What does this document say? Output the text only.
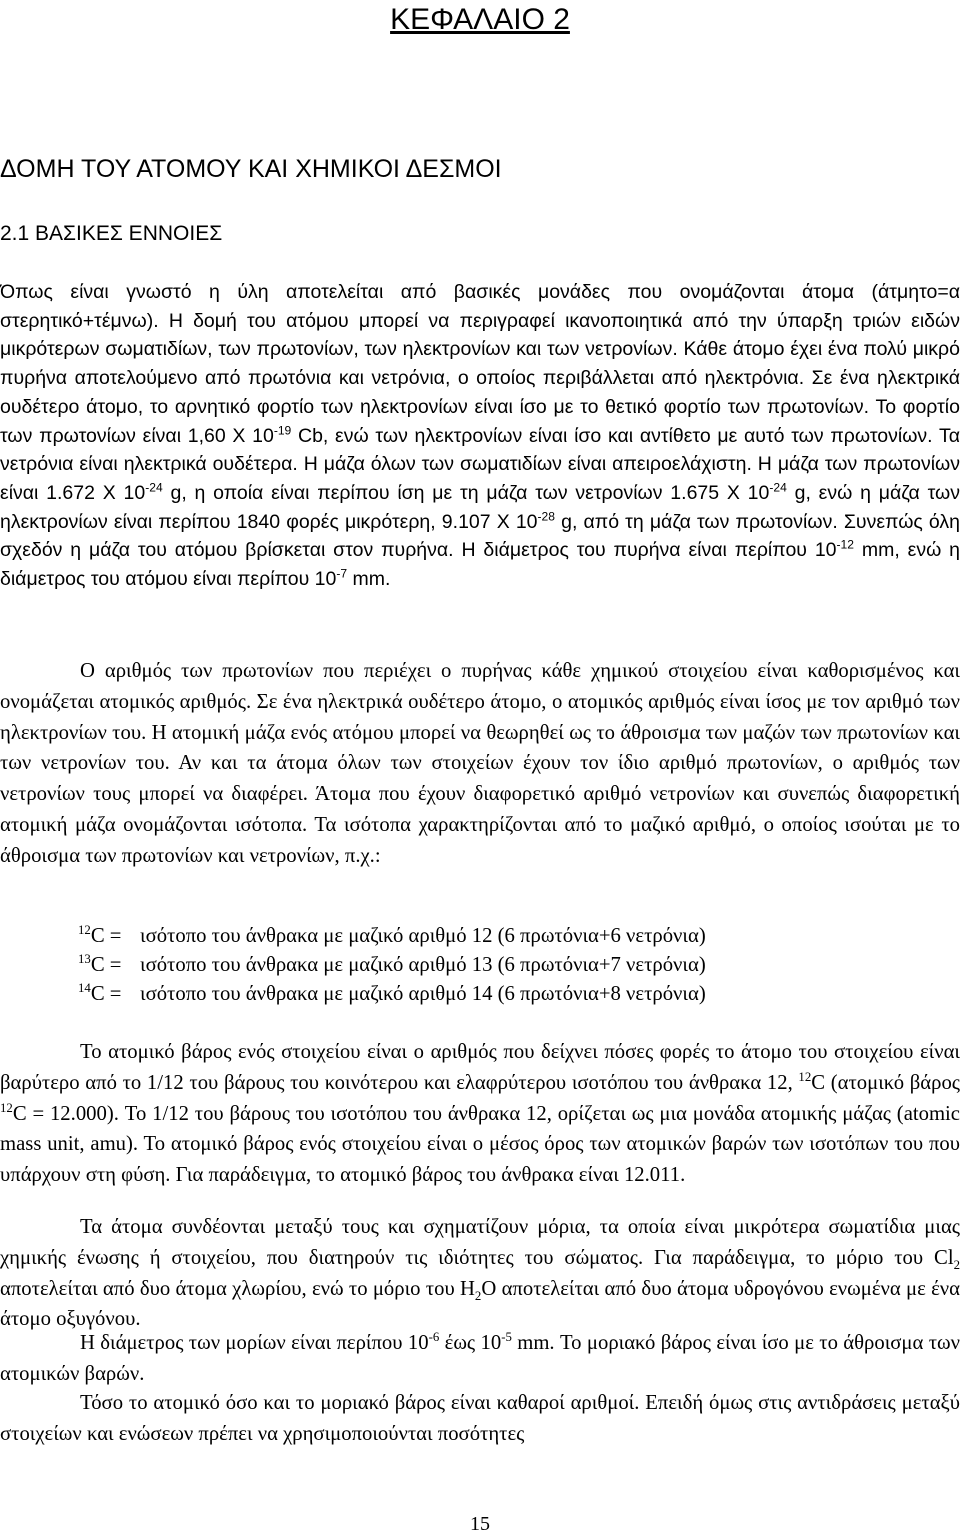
ΚΕΦΑΛΑΙΟ 2
ΔΟΜΗ ΤΟΥ ΑΤΟΜΟΥ ΚΑΙ ΧΗΜΙΚΟΙ ΔΕΣΜΟΙ
2.1 ΒΑΣΙΚΕΣ ΕΝΝΟΙΕΣ
Όπως είναι γνωστό η ύλη αποτελείται από βασικές μονάδες που ονομάζονται άτομα (άτμητο=α στερητικό+τέμνω). Η δομή του ατόμου μπορεί να περιγραφεί ικανοποιητικά από την ύπαρξη τριών ειδών μικρότερων σωματιδίων, των πρωτονίων, των ηλεκτρονίων και των νετρονίων. Κάθε άτομο έχει ένα πολύ μικρό πυρήνα αποτελούμενο από πρωτόνια και νετρόνια, ο οποίος περιβάλλεται από ηλεκτρόνια. Σε ένα ηλεκτρικά ουδέτερο άτομο, το αρνητικό φορτίο των ηλεκτρονίων είναι ίσο με το θετικό φορτίο των πρωτονίων. Το φορτίο των πρωτονίων είναι 1,60 Χ $10^{-19}$ Cb, ενώ των ηλεκτρονίων είναι ίσο και αντίθετο με αυτό των πρωτονίων. Τα νετρόνια είναι ηλεκτρικά ουδέτερα. Η μάζα όλων των σωματιδίων είναι απειροελάχιστη. Η μάζα των πρωτονίων είναι 1.672 Χ $10^{-24}$ g, η οποία είναι περίπου ίση με τη μάζα των νετρονίων 1.675 Χ $10^{-24}$ g, ενώ η μάζα των ηλεκτρονίων είναι περίπου 1840 φορές μικρότερη, 9.107 Χ $10^{-28}$ g, από τη μάζα των πρωτονίων. Συνεπώς όλη σχεδόν η μάζα του ατόμου βρίσκεται στον πυρήνα. Η διάμετρος του πυρήνα είναι περίπου $10^{-12}$ mm, ενώ η διάμετρος του ατόμου είναι περίπου $10^{-7}$ mm.
Ο αριθμός των πρωτονίων που περιέχει ο πυρήνας κάθε χημικού στοιχείου είναι καθορισμένος και ονομάζεται ατομικός αριθμός. Σε ένα ηλεκτρικά ουδέτερο άτομο, ο ατομικός αριθμός είναι ίσος με τον αριθμό των ηλεκτρονίων του. Η ατομική μάζα ενός ατόμου μπορεί να θεωρηθεί ως το άθροισμα των μαζών των πρωτονίων και των νετρονίων του. Αν και τα άτομα όλων των στοιχείων έχουν τον ίδιο αριθμό πρωτονίων, ο αριθμός των νετρονίων τους μπορεί να διαφέρει. Άτομα που έχουν διαφορετικό αριθμό νετρονίων και συνεπώς διαφορετική ατομική μάζα ονομάζονται ισότοπα. Τα ισότοπα χαρακτηρίζονται από το μαζικό αριθμό, ο οποίος ισούται με το άθροισμα των πρωτονίων και νετρονίων, π.χ.:
$^{12}$C = ισότοπο του άνθρακα με μαζικό αριθμό 12 (6 πρωτόνια+6 νετρόνια)
$^{13}$C = ισότοπο του άνθρακα με μαζικό αριθμό 13 (6 πρωτόνια+7 νετρόνια)
$^{14}$C = ισότοπο του άνθρακα με μαζικό αριθμό 14 (6 πρωτόνια+8 νετρόνια)
Το ατομικό βάρος ενός στοιχείου είναι ο αριθμός που δείχνει πόσες φορές το άτομο του στοιχείου είναι βαρύτερο από το 1/12 του βάρους του κοινότερου και ελαφρύτερου ισοτόπου του άνθρακα 12, $^{12}$C (ατομικό βάρος $^{12}$C = 12.000). Το 1/12 του βάρους του ισοτόπου του άνθρακα 12, ορίζεται ως μια μονάδα ατομικής μάζας (atomic mass unit, amu). Το ατομικό βάρος ενός στοιχείου είναι ο μέσος όρος των ατομικών βαρών των ισοτόπων του που υπάρχουν στη φύση. Για παράδειγμα, το ατομικό βάρος του άνθρακα είναι 12.011.
Τα άτομα συνδέονται μεταξύ τους και σχηματίζουν μόρια, τα οποία είναι μικρότερα σωματίδια μιας χημικής ένωσης ή στοιχείου, που διατηρούν τις ιδιότητες του σώματος. Για παράδειγμα, το μόριο του $Cl_2$ αποτελείται από δυο άτομα χλωρίου, ενώ το μόριο του $H_2O$ αποτελείται από δυο άτομα υδρογόνου ενωμένα με ένα άτομο οξυγόνου.
Η διάμετρος των μορίων είναι περίπου $10^{-6}$ έως $10^{-5}$ mm. Το μοριακό βάρος είναι ίσο με το άθροισμα των ατομικών βαρών.
Τόσο το ατομικό όσο και το μοριακό βάρος είναι καθαροί αριθμοί. Επειδή όμως στις αντιδράσεις μεταξύ στοιχείων και ενώσεων πρέπει να χρησιμοποιούνται ποσότητες
15
